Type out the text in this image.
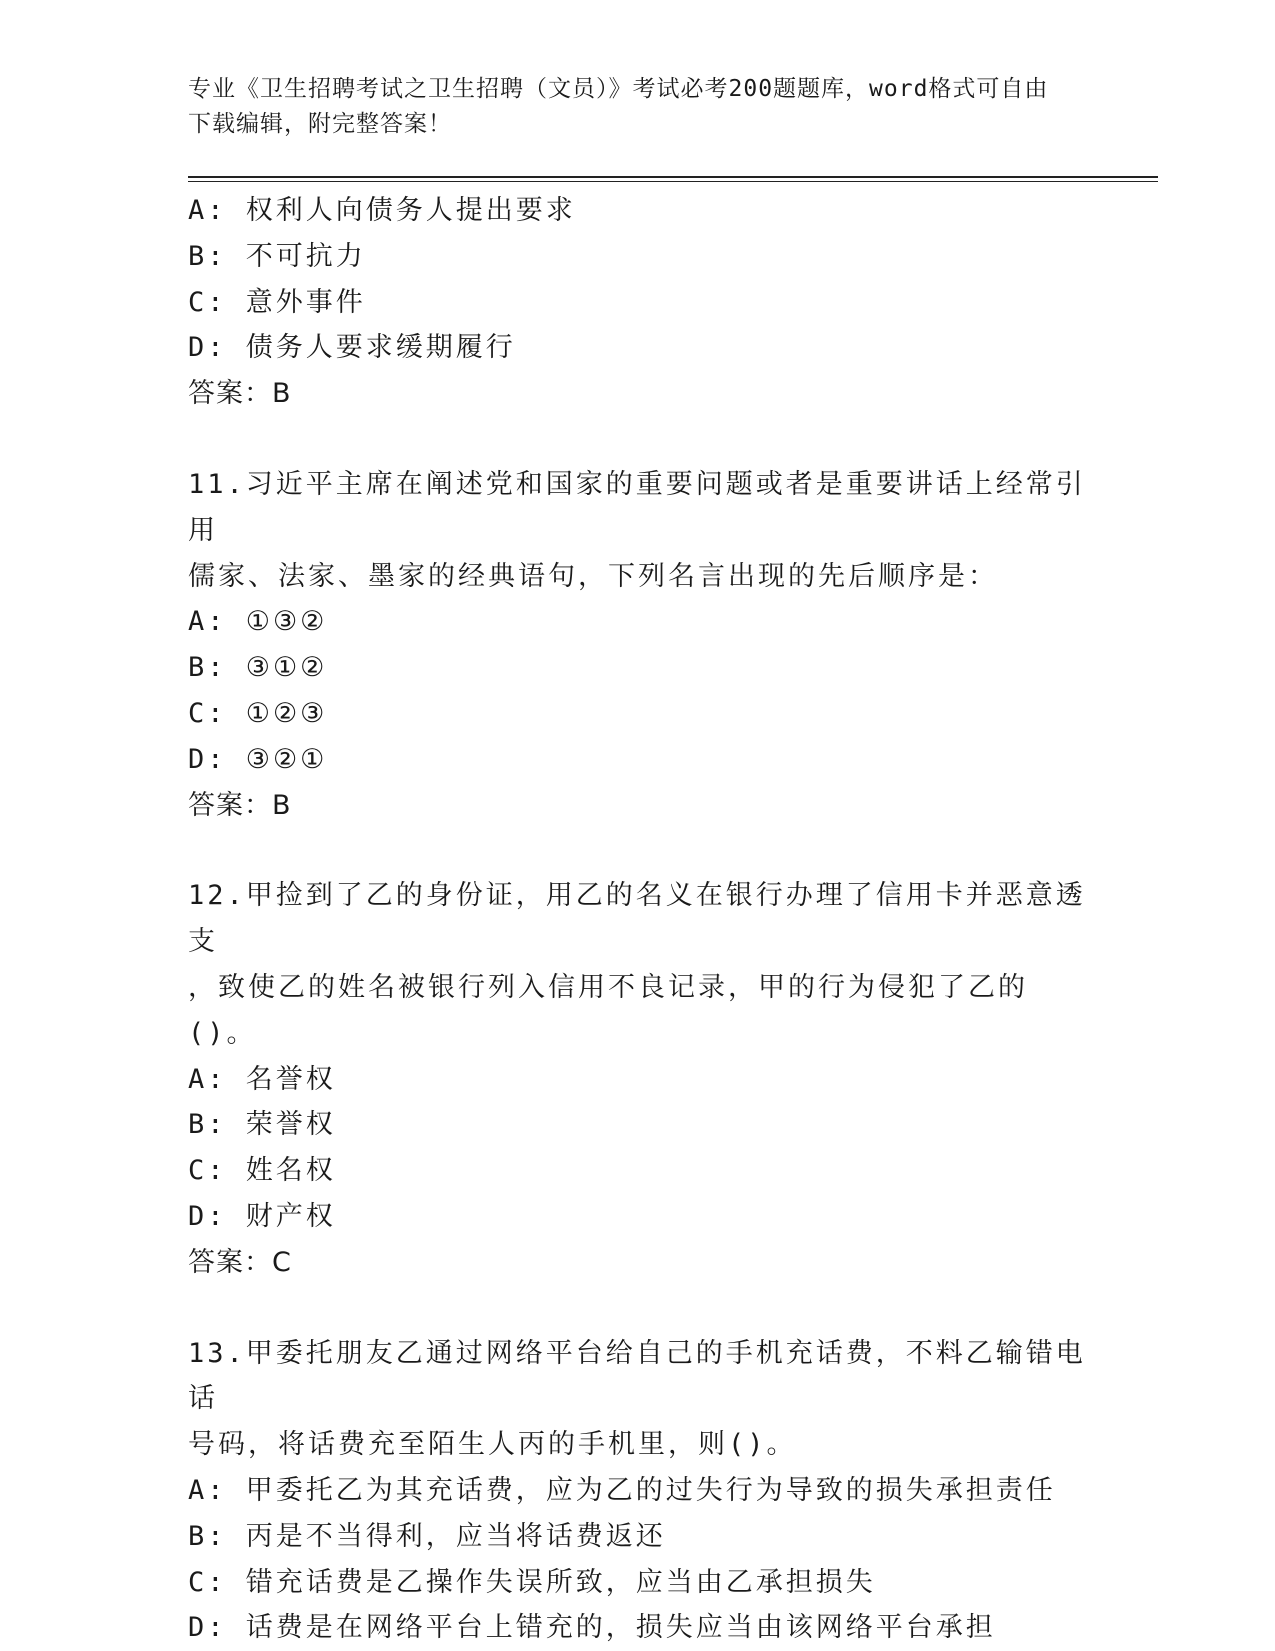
专业《卫生招聘考试之卫生招聘（文员）》考试必考200题题库，word格式可自由下载编辑，附完整答案！
A: 权利人向债务人提出要求
B: 不可抗力
C: 意外事件
D: 债务人要求缓期履行
答案：B
11.习近平主席在阐述党和国家的重要问题或者是重要讲话上经常引用
儒家、法家、墨家的经典语句，下列名言出现的先后顺序是：
A: ①③②
B: ③①②
C: ①②③
D: ③②①
答案：B
12.甲捡到了乙的身份证，用乙的名义在银行办理了信用卡并恶意透支
，致使乙的姓名被银行列入信用不良记录，甲的行为侵犯了乙的()。
A: 名誉权
B: 荣誉权
C: 姓名权
D: 财产权
答案：C
13.甲委托朋友乙通过网络平台给自己的手机充话费，不料乙输错电话
号码，将话费充至陌生人丙的手机里，则()。
A: 甲委托乙为其充话费，应为乙的过失行为导致的损失承担责任
B: 丙是不当得利，应当将话费返还
C: 错充话费是乙操作失误所致，应当由乙承担损失
D: 话费是在网络平台上错充的，损失应当由该网络平台承担
